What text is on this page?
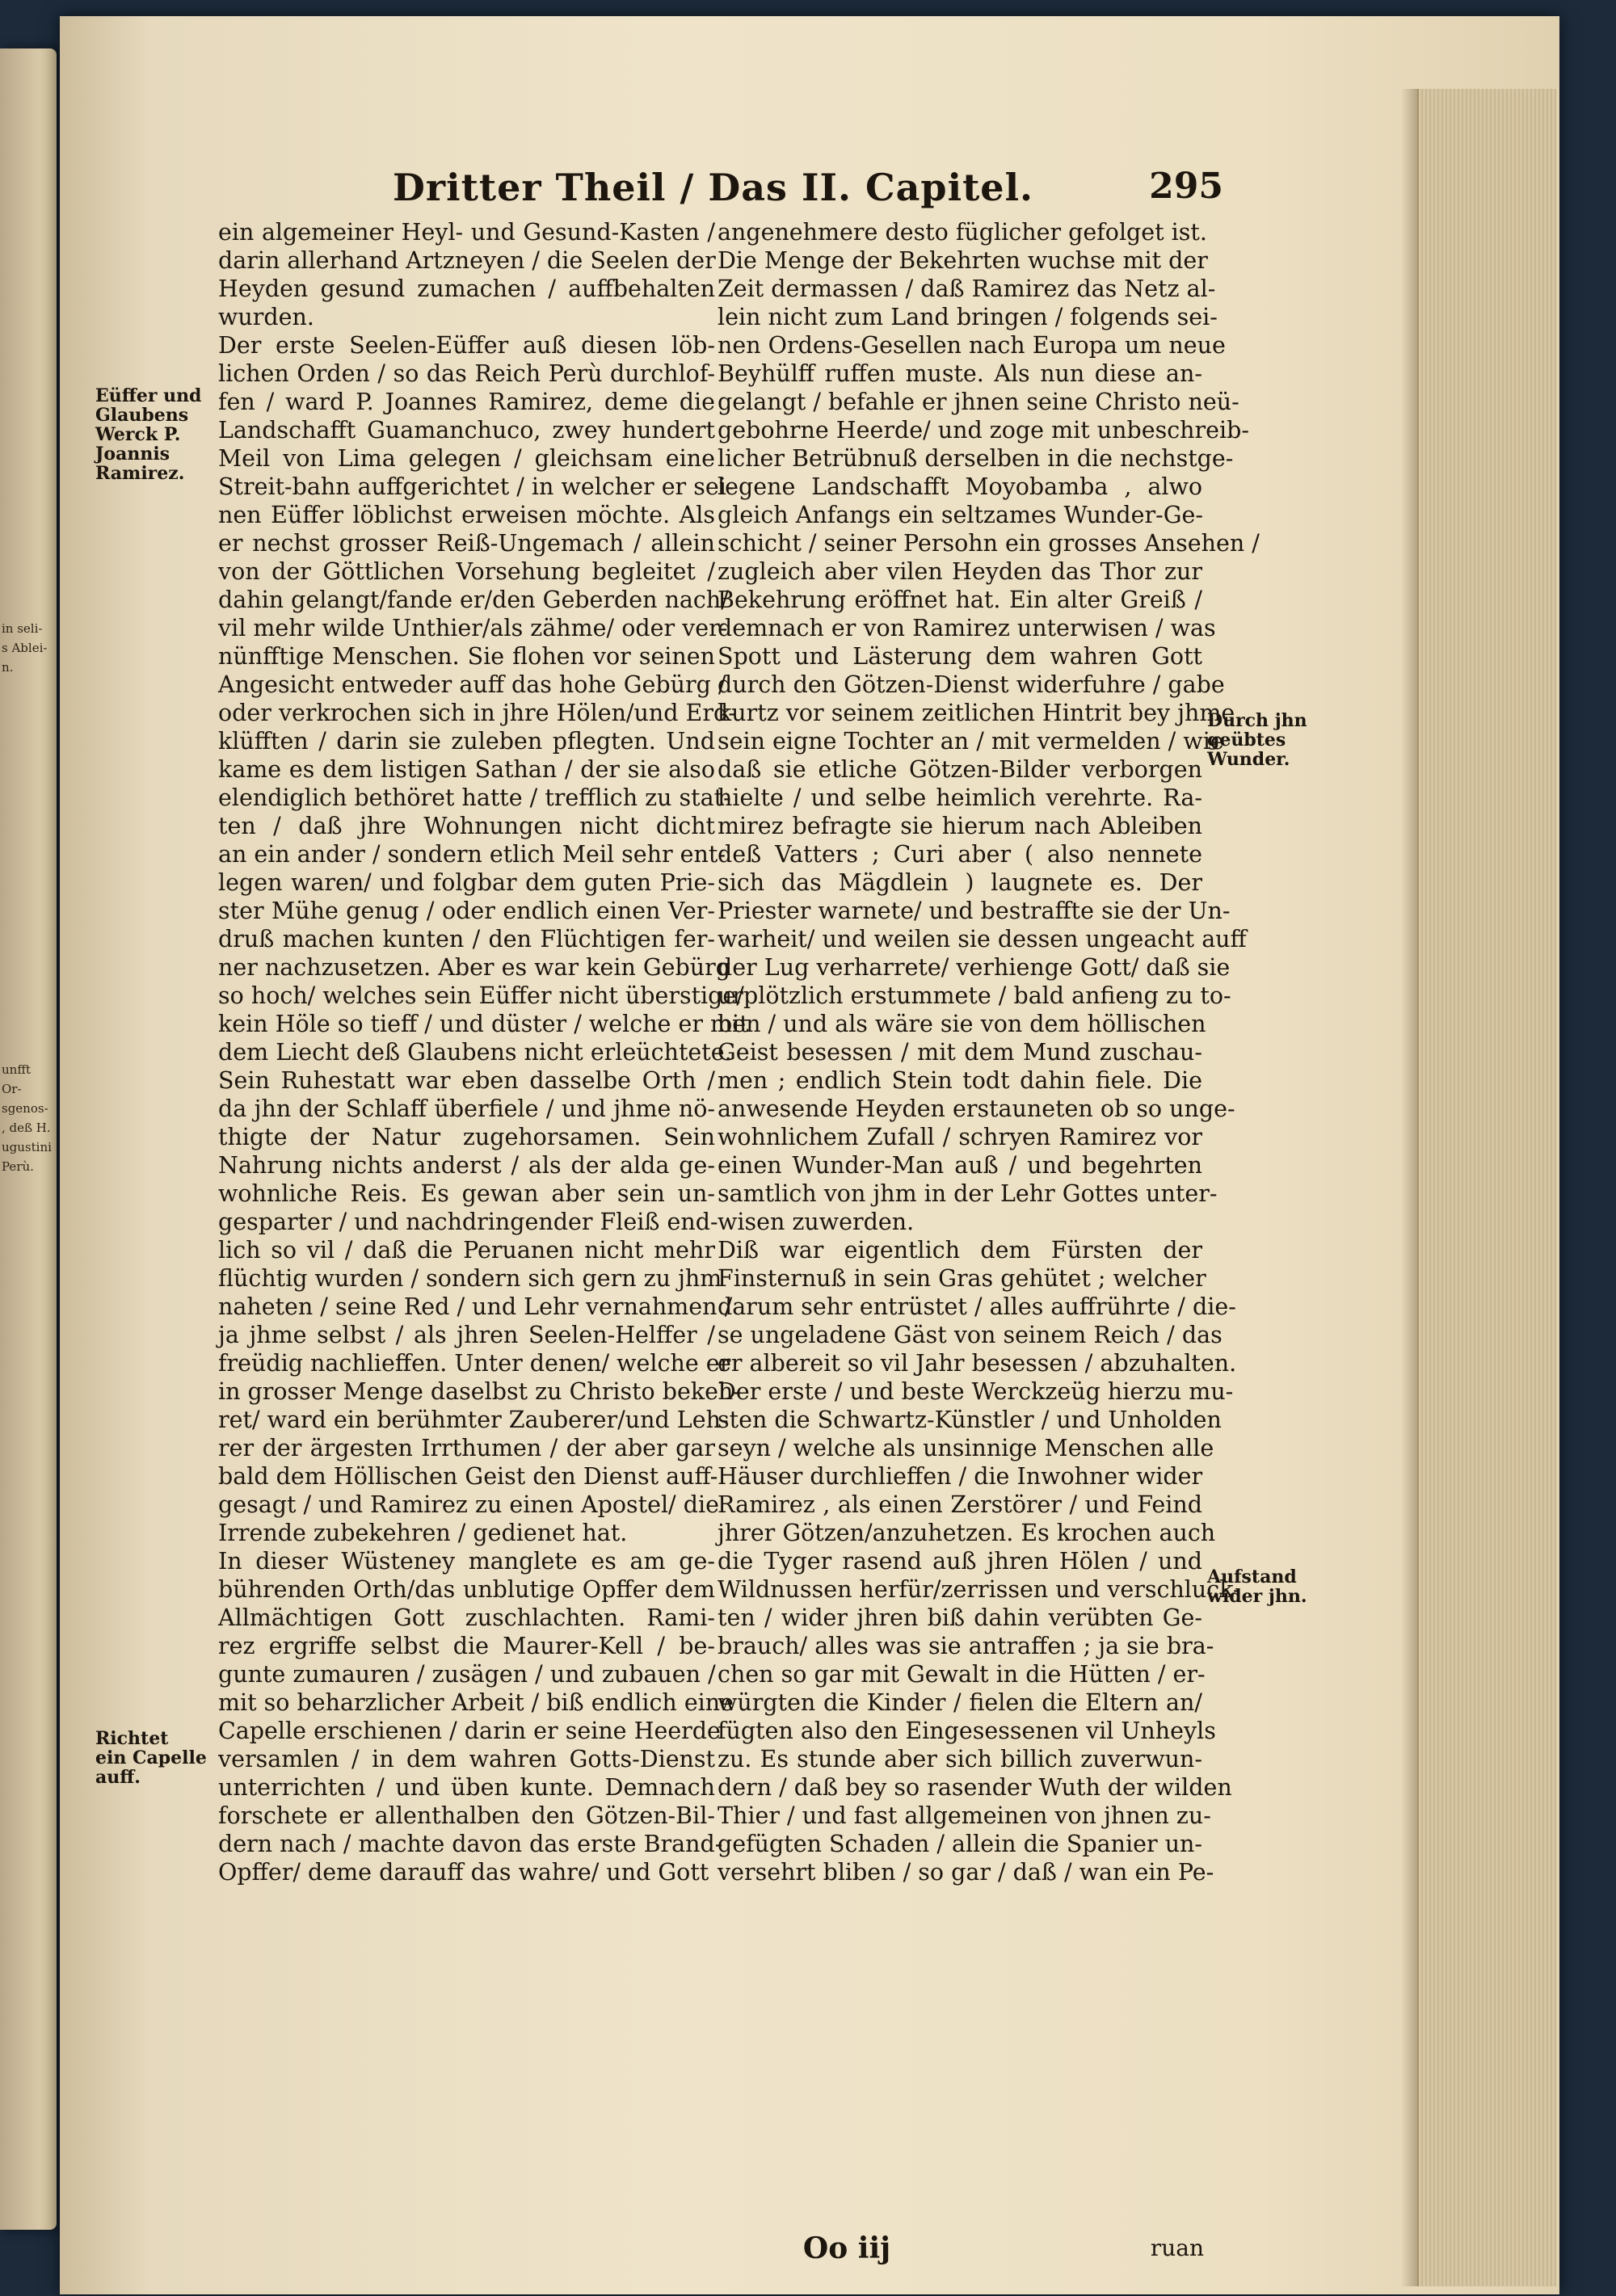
in seli-
s Ablei-
n.
unfft
Or-
sgenos-
, deß H.
ugustini
Perù.
Dritter Theil / Das II. Capitel.	295
Eüffer und
Glaubens
Werck P.
Joannis
Ramirez.
Durch jhn
geübtes
Wunder.
Aufstand
wider jhn.
Richtet
ein Capelle
auff.
ein algemeiner Heyl- und Gesund-Kasten /
darin allerhand Artzneyen / die Seelen der
Heyden gesund zumachen / auffbehalten
wurden.
Der erste Seelen-Eüffer auß diesen löb-
lichen Orden / so das Reich Perù durchlof-
fen / ward P. Joannes Ramirez, deme die
Landschafft Guamanchuco, zwey hundert
Meil von Lima gelegen / gleichsam eine
Streit-bahn auffgerichtet / in welcher er sei-
nen Eüffer löblichst erweisen möchte. Als
er nechst grosser Reiß-Ungemach / allein
von der Göttlichen Vorsehung begleitet /
dahin gelangt/fande er/den Geberden nach/
vil mehr wilde Unthier/als zähme/ oder ver-
nünfftige Menschen. Sie flohen vor seinen
Angesicht entweder auff das hohe Gebürg /
oder verkrochen sich in jhre Hölen/und Erd-
klüfften / darin sie zuleben pflegten. Und
kame es dem listigen Sathan / der sie also
elendiglich bethöret hatte / trefflich zu stat-
ten / daß jhre Wohnungen nicht dicht
an ein ander / sondern etlich Meil sehr ent-
legen waren/ und folgbar dem guten Prie-
ster Mühe genug / oder endlich einen Ver-
druß machen kunten / den Flüchtigen fer-
ner nachzusetzen. Aber es war kein Gebürg
so hoch/ welches sein Eüffer nicht überstige/
kein Höle so tieff / und düster / welche er mit
dem Liecht deß Glaubens nicht erleüchtete.
Sein Ruhestatt war eben dasselbe Orth /
da jhn der Schlaff überfiele / und jhme nö-
thigte der Natur zugehorsamen. Sein
Nahrung nichts anderst / als der alda ge-
wohnliche Reis. Es gewan aber sein un-
gesparter / und nachdringender Fleiß end-
lich so vil / daß die Peruanen nicht mehr
flüchtig wurden / sondern sich gern zu jhm
naheten / seine Red / und Lehr vernahmen /
ja jhme selbst / als jhren Seelen-Helffer /
freüdig nachlieffen. Unter denen/ welche er
in grosser Menge daselbst zu Christo bekeh-
ret/ ward ein berühmter Zauberer/und Leh-
rer der ärgesten Irrthumen / der aber gar
bald dem Höllischen Geist den Dienst auff-
gesagt / und Ramirez zu einen Apostel/ die
Irrende zubekehren / gedienet hat.
In dieser Wüsteney manglete es am ge-
bührenden Orth/das unblutige Opffer dem
Allmächtigen Gott zuschlachten. Rami-
rez ergriffe selbst die Maurer-Kell / be-
gunte zumauren / zusägen / und zubauen /
mit so beharzlicher Arbeit / biß endlich eine
Capelle erschienen / darin er seine Heerde
versamlen / in dem wahren Gotts-Dienst
unterrichten / und üben kunte. Demnach
forschete er allenthalben den Götzen-Bil-
dern nach / machte davon das erste Brand-
Opffer/ deme darauff das wahre/ und Gott
angenehmere desto füglicher gefolget ist.
Die Menge der Bekehrten wuchse mit der
Zeit dermassen / daß Ramirez das Netz al-
lein nicht zum Land bringen / folgends sei-
nen Ordens-Gesellen nach Europa um neue
Beyhülff ruffen muste. Als nun diese an-
gelangt / befahle er jhnen seine Christo neü-
gebohrne Heerde/ und zoge mit unbeschreib-
licher Betrübnuß derselben in die nechstge-
legene Landschafft Moyobamba , alwo
gleich Anfangs ein seltzames Wunder-Ge-
schicht / seiner Persohn ein grosses Ansehen /
zugleich aber vilen Heyden das Thor zur
Bekehrung eröffnet hat. Ein alter Greiß /
demnach er von Ramirez unterwisen / was
Spott und Lästerung dem wahren Gott
durch den Götzen-Dienst widerfuhre / gabe
kurtz vor seinem zeitlichen Hintrit bey jhme
sein eigne Tochter an / mit vermelden / wie
daß sie etliche Götzen-Bilder verborgen
hielte / und selbe heimlich verehrte. Ra-
mirez befragte sie hierum nach Ableiben
deß Vatters ; Curi aber ( also nennete
sich das Mägdlein ) laugnete es. Der
Priester warnete/ und bestraffte sie der Un-
warheit/ und weilen sie dessen ungeacht auff
der Lug verharrete/ verhienge Gott/ daß sie
urplötzlich erstummete / bald anfieng zu to-
ben / und als wäre sie von dem höllischen
Geist besessen / mit dem Mund zuschau-
men ; endlich Stein todt dahin fiele. Die
anwesende Heyden erstauneten ob so unge-
wohnlichem Zufall / schryen Ramirez vor
einen Wunder-Man auß / und begehrten
samtlich von jhm in der Lehr Gottes unter-
wisen zuwerden.
Diß war eigentlich dem Fürsten der
Finsternuß in sein Gras gehütet ; welcher
darum sehr entrüstet / alles auffrührte / die-
se ungeladene Gäst von seinem Reich / das
er albereit so vil Jahr besessen / abzuhalten.
Der erste / und beste Werckzeüg hierzu mu-
sten die Schwartz-Künstler / und Unholden
seyn / welche als unsinnige Menschen alle
Häuser durchlieffen / die Inwohner wider
Ramirez , als einen Zerstörer / und Feind
jhrer Götzen/anzuhetzen. Es krochen auch
die Tyger rasend auß jhren Hölen / und
Wildnussen herfür/zerrissen und verschluck-
ten / wider jhren biß dahin verübten Ge-
brauch/ alles was sie antraffen ; ja sie bra-
chen so gar mit Gewalt in die Hütten / er-
würgten die Kinder / fielen die Eltern an/
fügten also den Eingesessenen vil Unheyls
zu. Es stunde aber sich billich zuverwun-
dern / daß bey so rasender Wuth der wilden
Thier / und fast allgemeinen von jhnen zu-
gefügten Schaden / allein die Spanier un-
versehrt bliben / so gar / daß / wan ein Pe-
Oo iij	ruan
